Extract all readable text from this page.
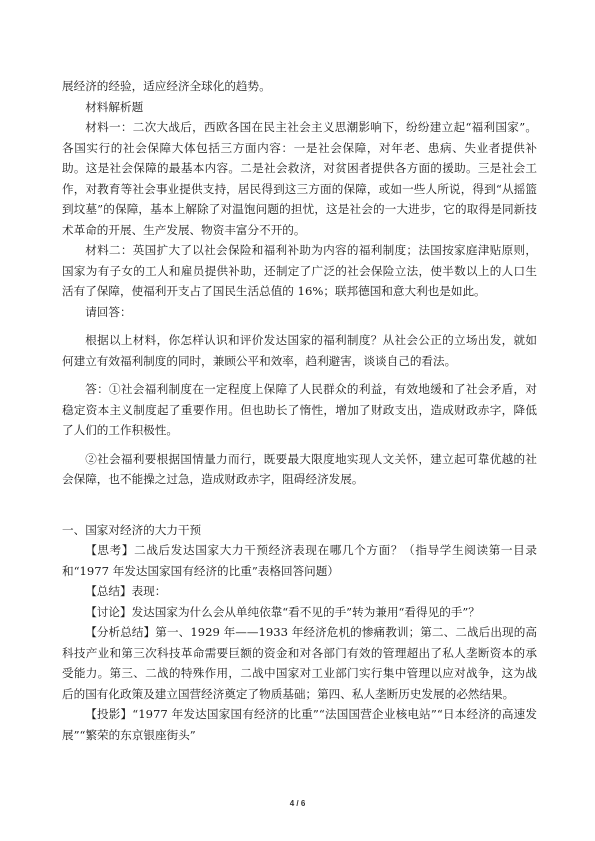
展经济的经验，适应经济全球化的趋势。

材料解析题

材料一：二次大战后，西欧各国在民主社会主义思潮影响下，纷纷建立起“福利国家”。各国实行的社会保障大体包括三方面内容：一是社会保障，对年老、患病、失业者提供补助。这是社会保障的最基本内容。二是社会救济，对贫困者提供各方面的援助。三是社会工作，对教育等社会事业提供支持，居民得到这三方面的保障，或如一些人所说，得到“从摇篮到坟墓”的保障，基本上解除了对温饱问题的担忧，这是社会的一大进步，它的取得是同新技术革命的开展、生产发展、物资丰富分不开的。

材料二：英国扩大了以社会保险和福利补助为内容的福利制度；法国按家庭津贴原则，国家为有子女的工人和雇员提供补助，还制定了广泛的社会保险立法，使半数以上的人口生活有了保障，使福利开支占了国民生活总值的 16%；联邦德国和意大利也是如此。

请回答：

根据以上材料，你怎样认识和评价发达国家的福利制度？从社会公正的立场出发，就如何建立有效福利制度的同时，兼顾公平和效率，趋利避害，谈谈自己的看法。

答：①社会福利制度在一定程度上保障了人民群众的利益，有效地缓和了社会矛盾，对稳定资本主义制度起了重要作用。但也助长了惰性，增加了财政支出，造成财政赤字，降低了人们的工作积极性。

②社会福利要根据国情量力而行，既要最大限度地实现人文关怀，建立起可靠优越的社会保障，也不能操之过急，造成财政赤字，阻碍经济发展。

一、国家对经济的大力干预

【思考】二战后发达国家大力干预经济表现在哪几个方面？（指导学生阅读第一目录和“1977 年发达国家国有经济的比重”表格回答问题）

【总结】表现：

【讨论】发达国家为什么会从单纯依靠“看不见的手”转为兼用“看得见的手”？

【分析总结】第一、1929 年——1933 年经济危机的惨痛教训；第二、二战后出现的高科技产业和第三次科技革命需要巨额的资金和对各部门有效的管理超出了私人垄断资本的承受能力。第三、二战的特殊作用，二战中国家对工业部门实行集中管理以应对战争，这为战后的国有化政策及建立国营经济奠定了物质基础；第四、私人垄断历史发展的必然结果。

【投影】“1977 年发达国家国有经济的比重”“法国国营企业核电站”“日本经济的高速发展”“繁荣的东京银座街头”

4 / 6
